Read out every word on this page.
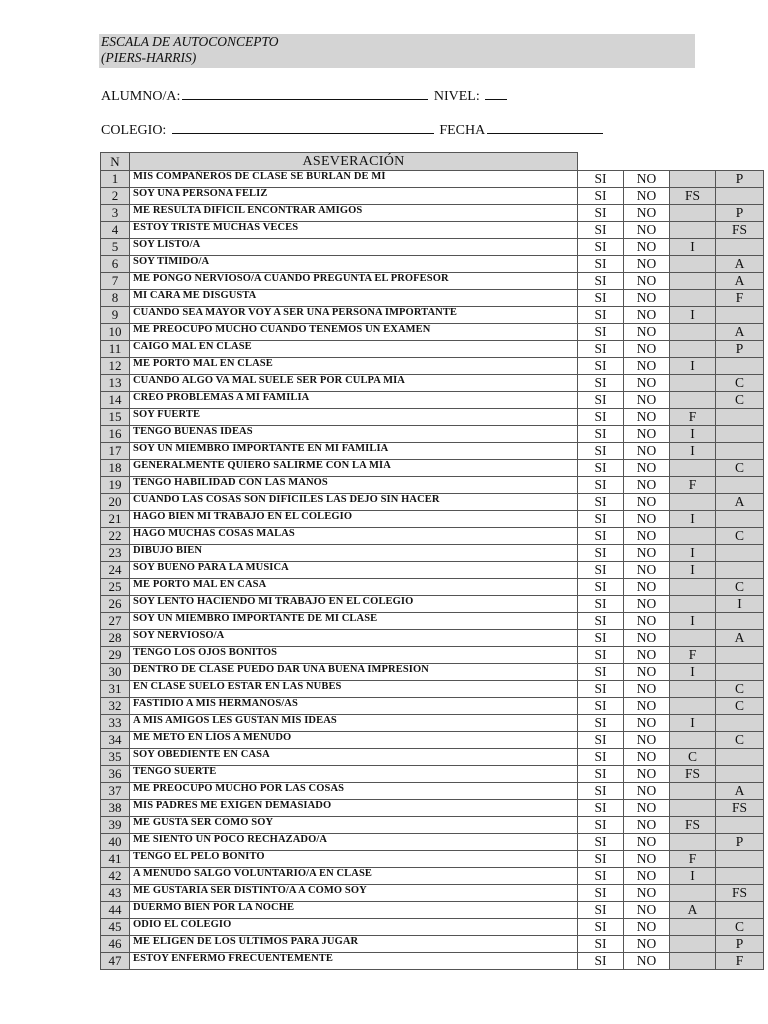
ESCALA DE AUTOCONCEPTO
(PIERS-HARRIS)
ALUMNO/A:	NIVEL:
COLEGIO:	FECHA
N	ASEVERACIÓN				
1	MIS COMPAÑEROS DE CLASE SE BURLAN DE MÍ	SI	NO		P
2	SOY UNA PERSONA FELIZ	SI	NO	FS	
3	ME RESULTA DIFÍCIL ENCONTRAR AMIGOS	SI	NO		P
4	ESTOY TRISTE MUCHAS VECES	SI	NO		FS
5	SOY LISTO/A	SI	NO	I	
6	SOY TÍMIDO/A	SI	NO		A
7	ME PONGO NERVIOSO/A CUANDO PREGUNTA EL PROFESOR	SI	NO		A
8	MI CARA ME DISGUSTA	SI	NO		F
9	CUANDO SEA MAYOR VOY A SER UNA PERSONA IMPORTANTE	SI	NO	I	
10	ME PREOCUPO MUCHO CUANDO TENEMOS UN EXAMEN	SI	NO		A
11	CAIGO MAL EN CLASE	SI	NO		P
12	ME PORTO MAL EN CLASE	SI	NO	I	
13	CUANDO ALGO VA MAL SUELE SER POR CULPA MÍA	SI	NO		C
14	CREO PROBLEMAS A MI FAMILIA	SI	NO		C
15	SOY FUERTE	SI	NO	F	
16	TENGO BUENAS IDEAS	SI	NO	I	
17	SOY UN MIEMBRO IMPORTANTE EN MI FAMILIA	SI	NO	I	
18	GENERALMENTE QUIERO SALIRME CON LA MÍA	SI	NO		C
19	TENGO HABILIDAD CON LAS MANOS	SI	NO	F	
20	CUANDO LAS COSAS SON DIFÍCILES LAS DEJO SIN HACER	SI	NO		A
21	HAGO BIEN MI TRABAJO EN EL COLEGIO	SI	NO	I	
22	HAGO MUCHAS COSAS MALAS	SI	NO		C
23	DIBUJO BIEN	SI	NO	I	
24	SOY BUENO PARA LA MÚSICA	SI	NO	I	
25	ME PORTO MAL EN CASA	SI	NO		C
26	SOY LENTO HACIENDO MI TRABAJO EN EL COLEGIO	SI	NO		I
27	SOY UN MIEMBRO IMPORTANTE DE MI CLASE	SI	NO	I	
28	SOY NERVIOSO/A	SI	NO		A
29	TENGO LOS OJOS BONITOS	SI	NO	F	
30	DENTRO DE CLASE PUEDO DAR UNA BUENA IMPRESIÓN	SI	NO	I	
31	EN CLASE SUELO ESTAR EN LAS NUBES	SI	NO		C
32	FASTIDIO A MIS HERMANOS/AS	SI	NO		C
33	A MIS AMIGOS LES GUSTAN MIS IDEAS	SI	NO	I	
34	ME METO EN LÍOS A MENUDO	SI	NO		C
35	SOY OBEDIENTE EN CASA	SI	NO	C	
36	TENGO SUERTE	SI	NO	FS	
37	ME PREOCUPO MUCHO POR LAS COSAS	SI	NO		A
38	MIS PADRES ME EXIGEN DEMASIADO	SI	NO		FS
39	ME GUSTA SER COMO SOY	SI	NO	FS	
40	ME SIENTO UN POCO RECHAZADO/A	SI	NO		P
41	TENGO EL PELO BONITO	SI	NO	F	
42	A MENUDO SALGO VOLUNTARIO/A EN CLASE	SI	NO	I	
43	ME GUSTARÍA SER DISTINTO/A A COMO SOY	SI	NO		FS
44	DUERMO BIEN POR LA NOCHE	SI	NO	A	
45	ODIO EL COLEGIO	SI	NO		C
46	ME ELIGEN DE LOS ÚLTIMOS PARA JUGAR	SI	NO		P
47	ESTOY ENFERMO FRECUENTEMENTE	SI	NO		F
